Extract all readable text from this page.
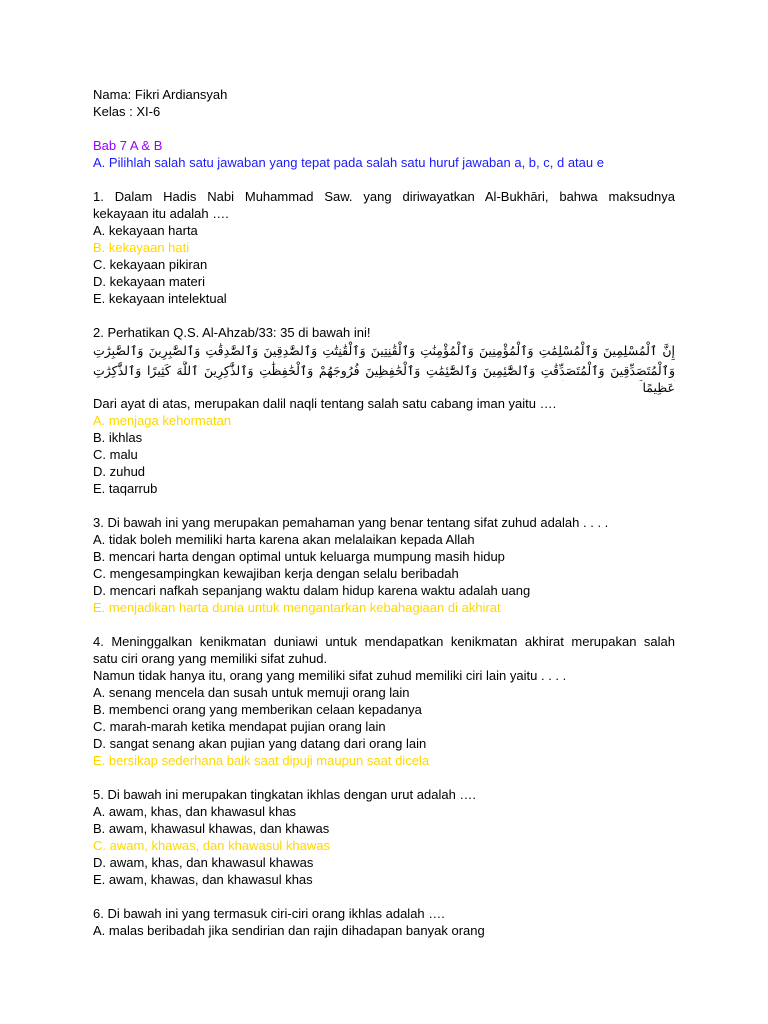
Nama: Fikri Ardiansyah
Kelas : XI-6
Bab 7 A & B
A. Pilihlah salah satu jawaban yang tepat pada salah satu huruf jawaban a, b, c, d atau e
1. Dalam Hadis Nabi Muhammad Saw. yang diriwayatkan Al-Bukhāri, bahwa maksudnya
kekayaan itu adalah ….
A. kekayaan harta
B. kekayaan hati
C. kekayaan pikiran
D. kekayaan materi
E. kekayaan intelektual
2. Perhatikan Q.S. Al-Ahzab/33: 35 di bawah ini!
إِنَّ ٱلْمُسْلِمِينَ وَٱلْمُسْلِمَٰتِ وَٱلْمُؤْمِنِينَ وَٱلْمُؤْمِنَٰتِ وَٱلْقَٰنِتِينَ وَٱلْقَٰنِتَٰتِ وَٱلصَّٰدِقِينَ وَٱلصَّٰدِقَٰتِ وَٱلصَّٰبِرِينَ وَٱلصَّٰبِرَٰتِ
وَٱلْمُتَصَدِّقِينَ وَٱلْمُتَصَدِّقَٰتِ وَٱلصَّٰٓئِمِينَ وَٱلصَّٰٓئِمَٰتِ وَٱلْحَٰفِظِينَ فُرُوجَهُمْ وَٱلْحَٰفِظَٰتِ وَٱلذَّٰكِرِينَ ٱللَّهَ كَثِيرًا وَٱلذَّٰكِرَٰتِ
عَظِيمًا
Dari ayat di atas, merupakan dalil naqli tentang salah satu cabang iman yaitu ….
A. menjaga kehormatan
B. ikhlas
C. malu
D. zuhud
E. taqarrub
3. Di bawah ini yang merupakan pemahaman yang benar tentang sifat zuhud adalah . . . .
A. tidak boleh memiliki harta karena akan melalaikan kepada Allah
B. mencari harta dengan optimal untuk keluarga mumpung masih hidup
C. mengesampingkan kewajiban kerja dengan selalu beribadah
D. mencari nafkah sepanjang waktu dalam hidup karena waktu adalah uang
E. menjadikan harta dunia untuk mengantarkan kebahagiaan di akhirat
4. Meninggalkan kenikmatan duniawi untuk mendapatkan kenikmatan akhirat merupakan salah
satu ciri orang yang memiliki sifat zuhud.
Namun tidak hanya itu, orang yang memiliki sifat zuhud memiliki ciri lain yaitu . . . .
A. senang mencela dan susah untuk memuji orang lain
B. membenci orang yang memberikan celaan kepadanya
C. marah-marah ketika mendapat pujian orang lain
D. sangat senang akan pujian yang datang dari orang lain
E. bersikap sederhana baik saat dipuji maupun saat dicela
5. Di bawah ini merupakan tingkatan ikhlas dengan urut adalah ….
A. awam, khas, dan khawasul khas
B. awam, khawasul khawas, dan khawas
C. awam, khawas, dan khawasul khawas
D. awam, khas, dan khawasul khawas
E. awam, khawas, dan khawasul khas
6. Di bawah ini yang termasuk ciri-ciri orang ikhlas adalah ….
A. malas beribadah jika sendirian dan rajin dihadapan banyak orang
